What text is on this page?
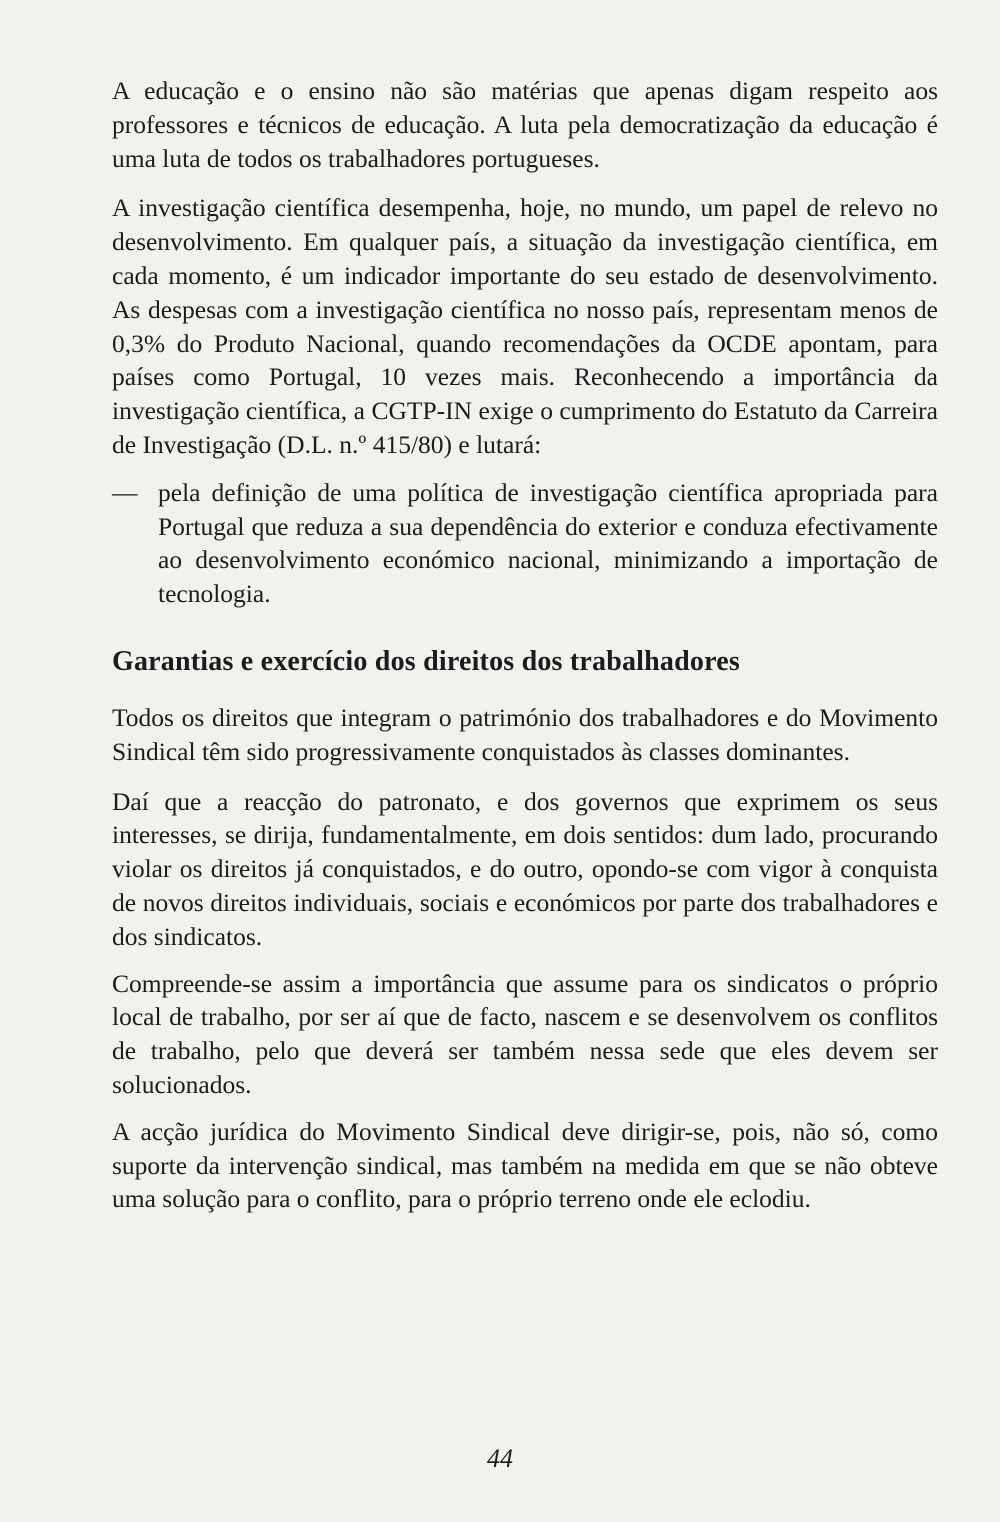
A educação e o ensino não são matérias que apenas digam respeito aos professores e técnicos de educação. A luta pela democratização da educação é uma luta de todos os trabalhadores portugueses.

A investigação científica desempenha, hoje, no mundo, um papel de relevo no desenvolvimento. Em qualquer país, a situação da investigação científica, em cada momento, é um indicador importante do seu estado de desenvolvimento. As despesas com a investigação científica no nosso país, representam menos de 0,3% do Produto Nacional, quando recomendações da OCDE apontam, para países como Portugal, 10 vezes mais. Reconhecendo a importância da investigação científica, a CGTP-IN exige o cumprimento do Estatuto da Carreira de Investigação (D.L. n.º 415/80) e lutará:

— pela definição de uma política de investigação científica apropriada para Portugal que reduza a sua dependência do exterior e conduza efectivamente ao desenvolvimento económico nacional, minimizando a importação de tecnologia.

Garantias e exercício dos direitos dos trabalhadores

Todos os direitos que integram o património dos trabalhadores e do Movimento Sindical têm sido progressivamente conquistados às classes dominantes.

Daí que a reacção do patronato, e dos governos que exprimem os seus interesses, se dirija, fundamentalmente, em dois sentidos: dum lado, procurando violar os direitos já conquistados, e do outro, opondo-se com vigor à conquista de novos direitos individuais, sociais e económicos por parte dos trabalhadores e dos sindicatos.

Compreende-se assim a importância que assume para os sindicatos o próprio local de trabalho, por ser aí que de facto, nascem e se desenvolvem os conflitos de trabalho, pelo que deverá ser também nessa sede que eles devem ser solucionados.

A acção jurídica do Movimento Sindical deve dirigir-se, pois, não só, como suporte da intervenção sindical, mas também na medida em que se não obteve uma solução para o conflito, para o próprio terreno onde ele eclodiu.

44
